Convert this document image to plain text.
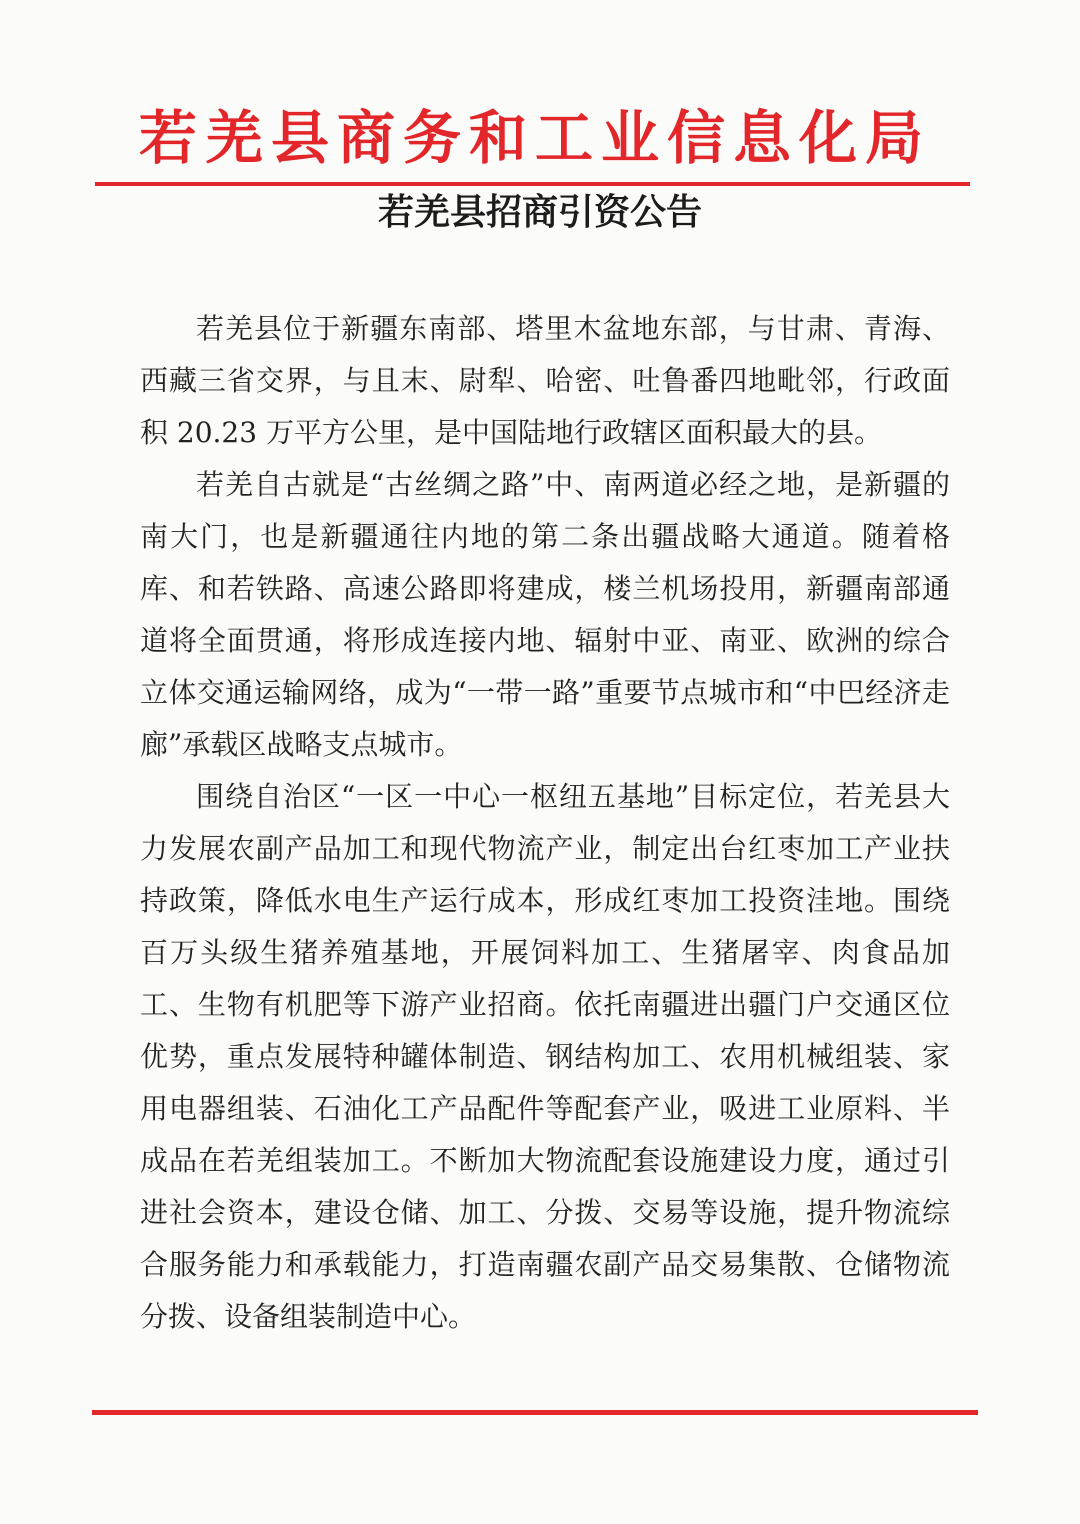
若羌县商务和工业信息化局
若羌县招商引资公告

若羌县位于新疆东南部、塔里木盆地东部，与甘肃、青海、西藏三省交界，与且末、尉犁、哈密、吐鲁番四地毗邻，行政面积 20.23 万平方公里，是中国陆地行政辖区面积最大的县。

若羌自古就是“古丝绸之路”中、南两道必经之地，是新疆的南大门，也是新疆通往内地的第二条出疆战略大通道。随着格库、和若铁路、高速公路即将建成，楼兰机场投用，新疆南部通道将全面贯通，将形成连接内地、辐射中亚、南亚、欧洲的综合立体交通运输网络，成为“一带一路”重要节点城市和“中巴经济走廊”承载区战略支点城市。

围绕自治区“一区一中心一枢纽五基地”目标定位，若羌县大力发展农副产品加工和现代物流产业，制定出台红枣加工产业扶持政策，降低水电生产运行成本，形成红枣加工投资洼地。围绕百万头级生猪养殖基地，开展饲料加工、生猪屠宰、肉食品加工、生物有机肥等下游产业招商。依托南疆进出疆门户交通区位优势，重点发展特种罐体制造、钢结构加工、农用机械组装、家用电器组装、石油化工产品配件等配套产业，吸进工业原料、半成品在若羌组装加工。不断加大物流配套设施建设力度，通过引进社会资本，建设仓储、加工、分拨、交易等设施，提升物流综合服务能力和承载能力，打造南疆农副产品交易集散、仓储物流分拨、设备组装制造中心。
